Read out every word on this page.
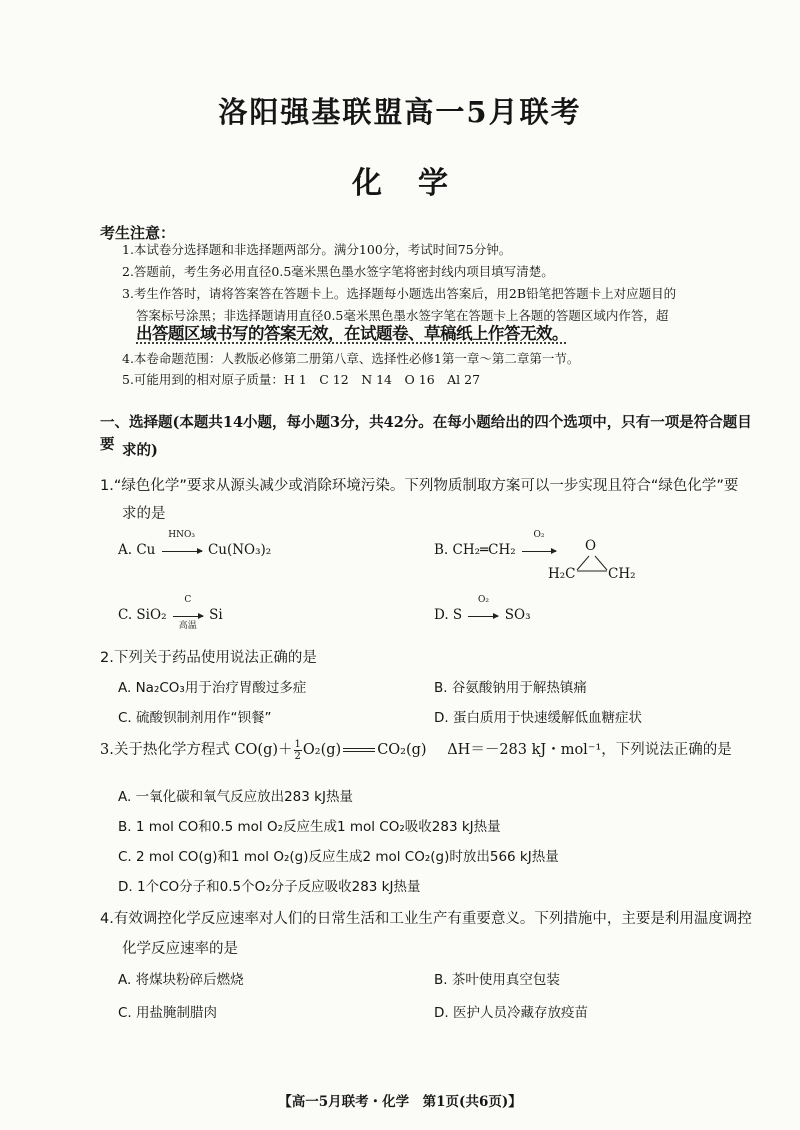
洛阳强基联盟高一5月联考
化学
考生注意：
1.本试卷分选择题和非选择题两部分。满分100分，考试时间75分钟。
2.答题前，考生务必用直径0.5毫米黑色墨水签字笔将密封线内项目填写清楚。
3.考生作答时，请将答案答在答题卡上。选择题每小题选出答案后，用2B铅笔把答题卡上对应题目的
答案标号涂黑；非选择题请用直径0.5毫米黑色墨水签字笔在答题卡上各题的答题区域内作答，超
出答题区域书写的答案无效，在试题卷、草稿纸上作答无效。
4.本卷命题范围：人教版必修第二册第八章、选择性必修1第一章～第二章第一节。
5.可能用到的相对原子质量：H 1　C 12　N 14　O 16　Al 27
一、选择题(本题共14小题，每小题3分，共42分。在每小题给出的四个选项中，只有一项是符合题目要 求的)
1.“绿色化学”要求从源头减少或消除环境污染。下列物质制取方案可以一步实现且符合“绿色化学”要
求的是
A. Cu
HNO₃
Cu(NO₃)₂	B. CH₂═CH₂
O₂
O
H₂C CH₂
C. SiO₂
C
高温
Si	D. S
O₂
SO₃
2.下列关于药品使用说法正确的是
A. Na₂CO₃用于治疗胃酸过多症	B. 谷氨酸钠用于解热镇痛
C. 硫酸钡制剂用作“钡餐”	D. 蛋白质用于快速缓解低血糖症状
3.关于热化学方程式 $CO(g)+ \frac{1}{2} O_2(g)$ CO₂(g) ΔH＝－283 kJ・mol⁻¹，下列说法正确的是
A. 一氧化碳和氧气反应放出283 kJ热量
B. 1 mol CO和0.5 mol O₂反应生成1 mol CO₂吸收283 kJ热量
C. 2 mol CO(g)和1 mol O₂(g)反应生成2 mol CO₂(g)时放出566 kJ热量
D. 1个CO分子和0.5个O₂分子反应吸收283 kJ热量
4.有效调控化学反应速率对人们的日常生活和工业生产有重要意义。下列措施中，主要是利用温度调控
化学反应速率的是
A. 将煤块粉碎后燃烧	B. 茶叶使用真空包装
C. 用盐腌制腊肉	D. 医护人员冷藏存放疫苗
【高一5月联考・化学　第1页(共6页)】
